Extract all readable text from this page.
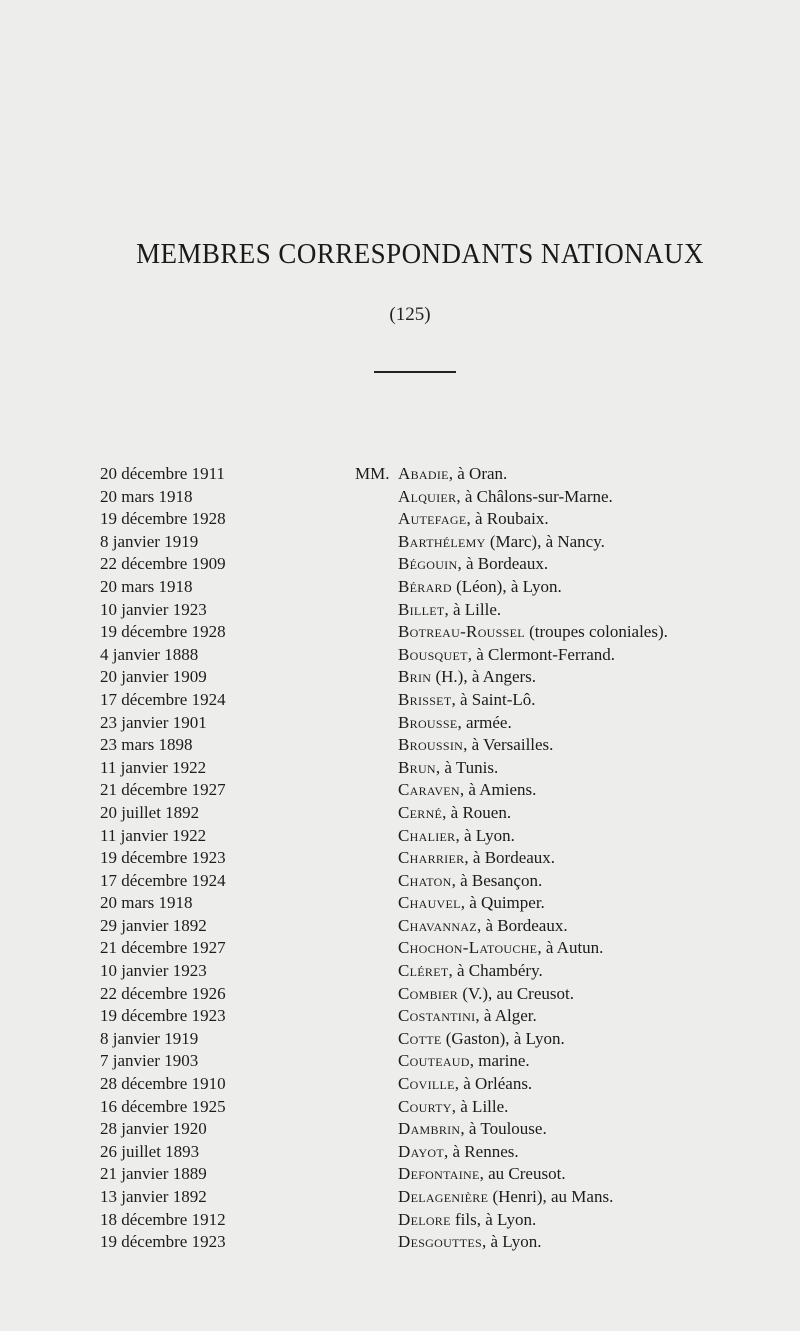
MEMBRES CORRESPONDANTS NATIONAUX
(125)
20 décembre 1911	MM. Abadie, à Oran.
20 mars 1918	Alquier, à Châlons-sur-Marne.
19 décembre 1928	Autefage, à Roubaix.
8 janvier 1919	Barthélemy (Marc), à Nancy.
22 décembre 1909	Bégouin, à Bordeaux.
20 mars 1918	Bérard (Léon), à Lyon.
10 janvier 1923	Billet, à Lille.
19 décembre 1928	Botreau-Roussel (troupes coloniales).
4 janvier 1888	Bousquet, à Clermont-Ferrand.
20 janvier 1909	Brin (H.), à Angers.
17 décembre 1924	Brisset, à Saint-Lô.
23 janvier 1901	Brousse, armée.
23 mars 1898	Broussin, à Versailles.
11 janvier 1922	Brun, à Tunis.
21 décembre 1927	Caraven, à Amiens.
20 juillet 1892	Cerné, à Rouen.
11 janvier 1922	Chalier, à Lyon.
19 décembre 1923	Charrier, à Bordeaux.
17 décembre 1924	Chaton, à Besançon.
20 mars 1918	Chauvel, à Quimper.
29 janvier 1892	Chavannaz, à Bordeaux.
21 décembre 1927	Chochon-Latouche, à Autun.
10 janvier 1923	Cléret, à Chambéry.
22 décembre 1926	Combier (V.), au Creusot.
19 décembre 1923	Costantini, à Alger.
8 janvier 1919	Cotte (Gaston), à Lyon.
7 janvier 1903	Couteaud, marine.
28 décembre 1910	Coville, à Orléans.
16 décembre 1925	Courty, à Lille.
28 janvier 1920	Dambrin, à Toulouse.
26 juillet 1893	Dayot, à Rennes.
21 janvier 1889	Defontaine, au Creusot.
13 janvier 1892	Delagenière (Henri), au Mans.
18 décembre 1912	Delore fils, à Lyon.
19 décembre 1923	Desgouttes, à Lyon.
